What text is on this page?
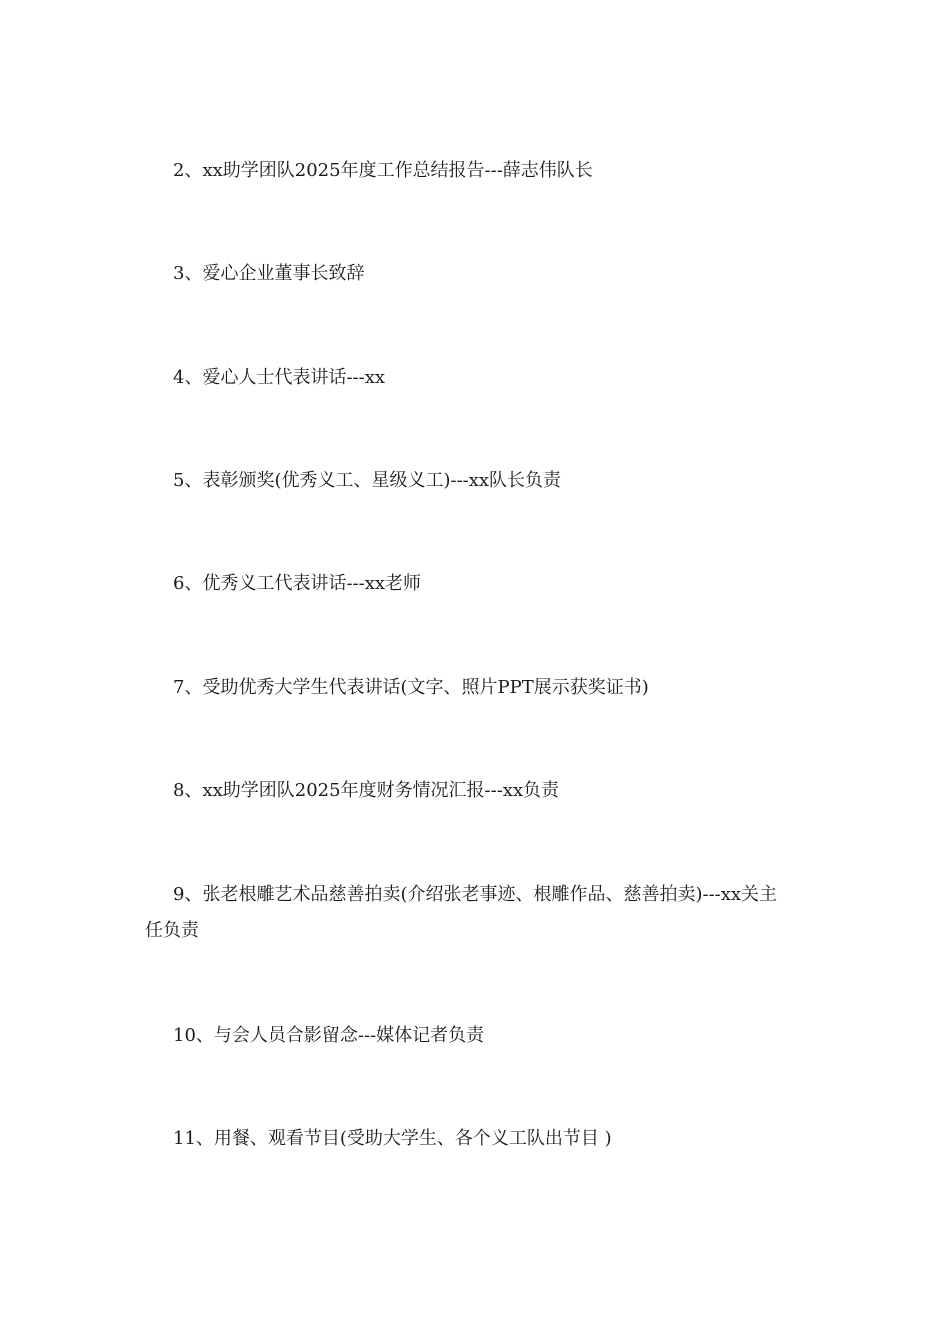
2、xx助学团队2025年度工作总结报告---薛志伟队长

3、爱心企业董事长致辞

4、爱心人士代表讲话---xx

5、表彰颁奖(优秀义工、星级义工)---xx队长负责

6、优秀义工代表讲话---xx老师

7、受助优秀大学生代表讲话(文字、照片PPT展示获奖证书)

8、xx助学团队2025年度财务情况汇报---xx负责

9、张老根雕艺术品慈善拍卖(介绍张老事迹、根雕作品、慈善拍卖)---xx关主任负责

10、与会人员合影留念---媒体记者负责

11、用餐、观看节目(受助大学生、各个义工队出节目 )
